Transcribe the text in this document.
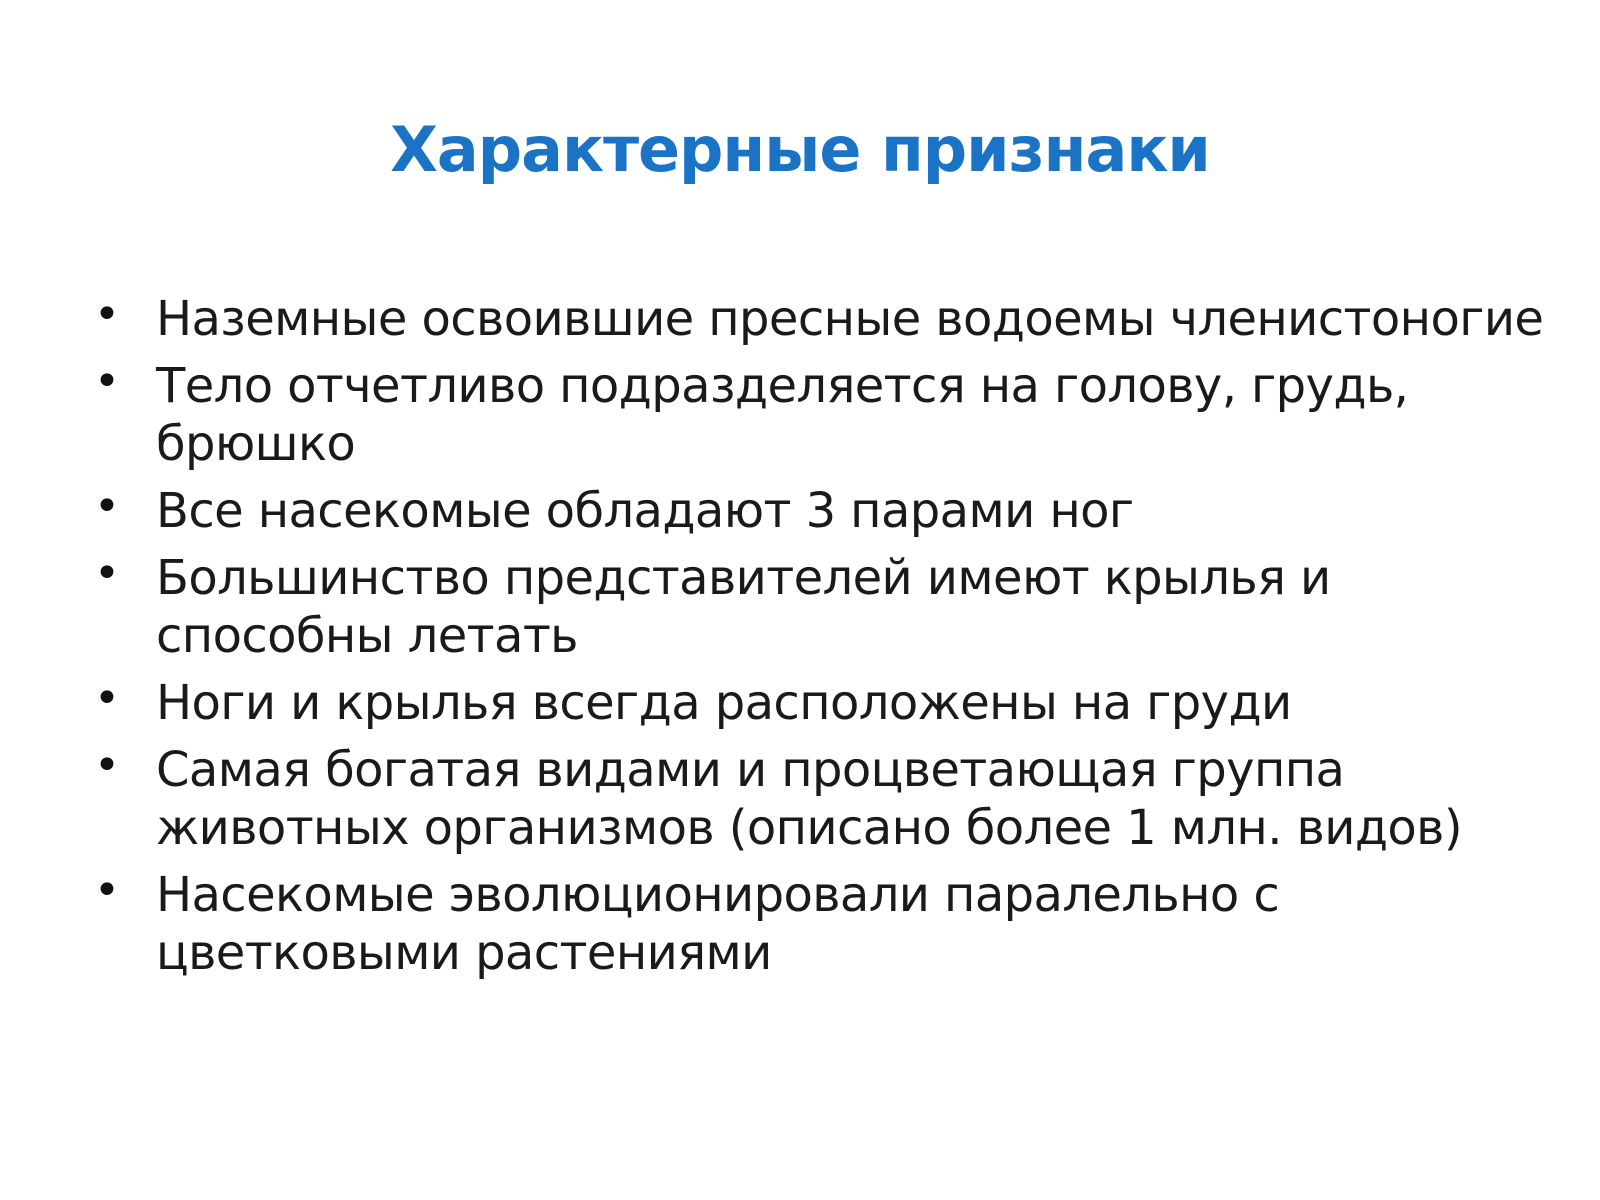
Характерные признаки
• Наземные освоившие пресные водоемы членистоногие
• Тело отчетливо подразделяется на голову, грудь, брюшко
• Все насекомые обладают 3 парами ног
• Большинство представителей имеют крылья и способны летать
• Ноги и крылья всегда расположены на груди
• Самая богатая видами и процветающая группа животных организмов (описано более 1 млн. видов)
• Насекомые эволюционировали паралельно с цветковыми растениями
